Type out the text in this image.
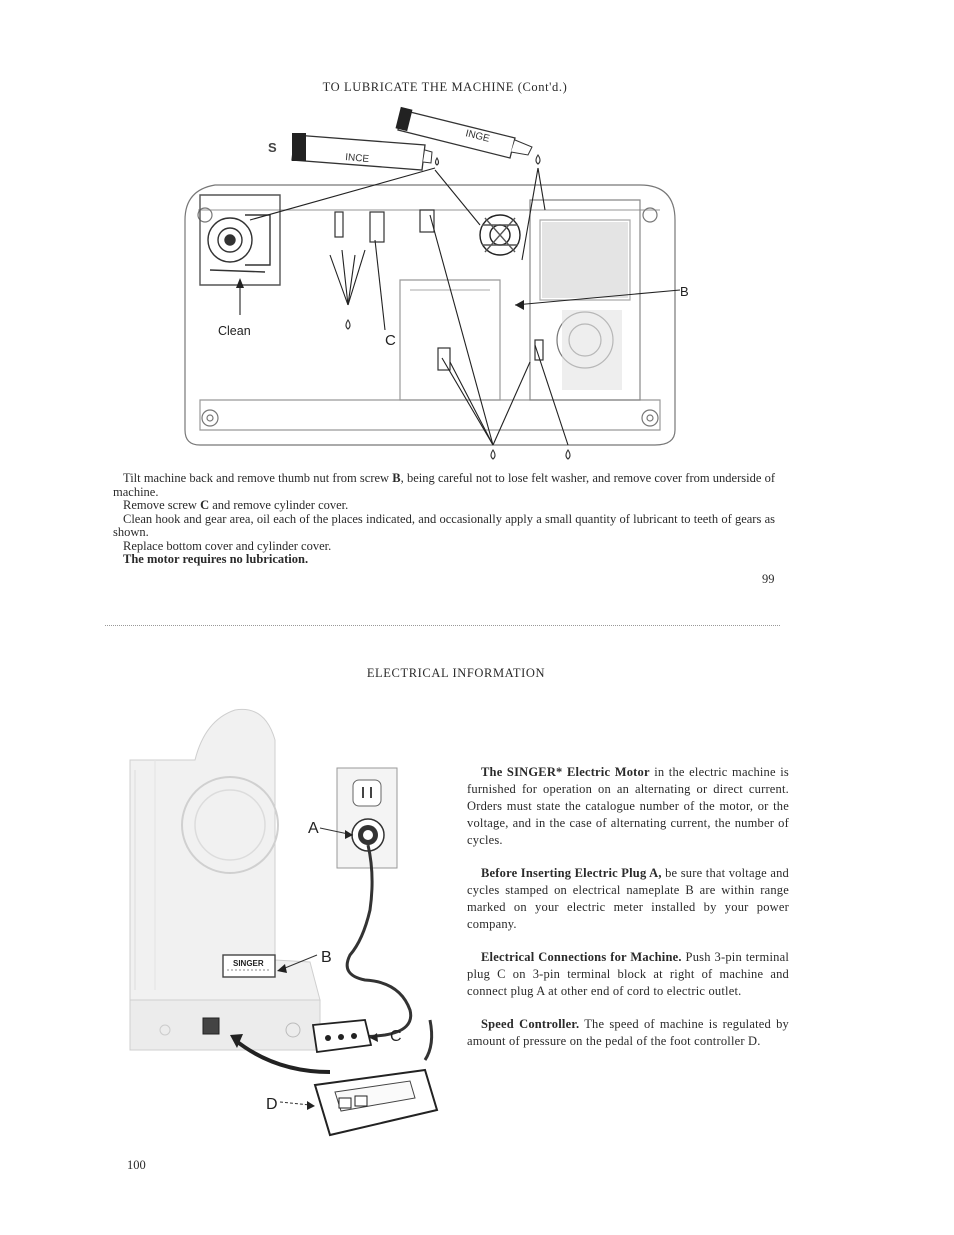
TO LUBRICATE THE MACHINE (Cont'd.)
INCE
INGE
S
Clean
C
B

Tilt machine back and remove thumb nut from screw B, being careful not to lose felt washer, and remove cover from underside of machine.

Remove screw C and remove cylinder cover.

Clean hook and gear area, oil each of the places indicated, and occasionally apply a small quantity of lubricant to teeth of gears as shown.

Replace bottom cover and cylinder cover.

The motor requires no lubrication.

99
ELECTRICAL INFORMATION
SINGER
A
B
C
D

The SINGER* Electric Motor in the electric machine is furnished for operation on an alternating or direct current. Orders must state the catalogue number of the motor, or the voltage, and in the case of alternating current, the number of cycles.

Before Inserting Electric Plug A, be sure that voltage and cycles stamped on electrical nameplate B are within range marked on your electric meter installed by your power company.

Electrical Connections for Machine. Push 3-pin terminal plug C on 3-pin terminal block at right of machine and connect plug A at other end of cord to electric outlet.

Speed Controller. The speed of machine is regulated by amount of pressure on the pedal of the foot controller D.

100
